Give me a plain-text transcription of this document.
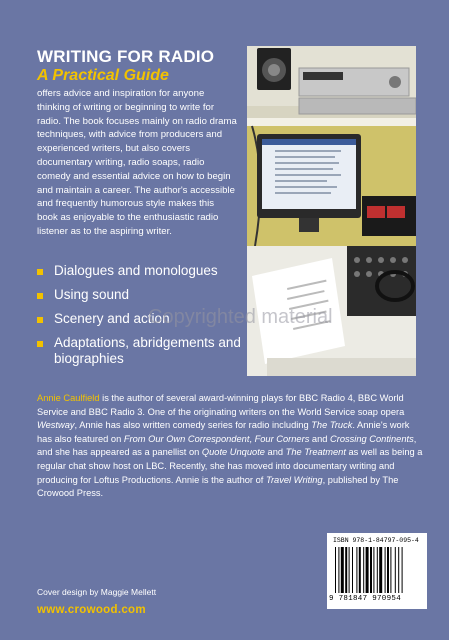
WRITING FOR RADIO
A Practical Guide

offers advice and inspiration for anyone thinking of writing or beginning to write for radio. The book focuses mainly on radio drama techniques, with advice from producers and experienced writers, but also covers documentary writing, radio soaps, radio comedy and essential advice on how to begin and maintain a career. The author's accessible and frequently humorous style makes this book as enjoyable to the enthusiastic radio listener as to the aspiring writer.

Dialogues and monologues
Using sound
Scenery and action
Adaptations, abridgements and biographies
Copyrighted material

Annie Caulfield is the author of several award-winning plays for BBC Radio 4, BBC World Service and BBC Radio 3. One of the originating writers on the World Service soap opera Westway, Annie has also written comedy series for radio including The Truck. Annie's work has also featured on From Our Own Correspondent, Four Corners and Crossing Continents, and she has appeared as a panellist on Quote Unquote and The Treatment as well as being a regular chat show host on LBC. Recently, she has moved into documentary writing and producing for Loftus Productions. Annie is the author of Travel Writing, published by The Crowood Press.

ISBN 978-1-84797-095-4
9 781847 970954
Cover design by Maggie Mellett
www.crowood.com
